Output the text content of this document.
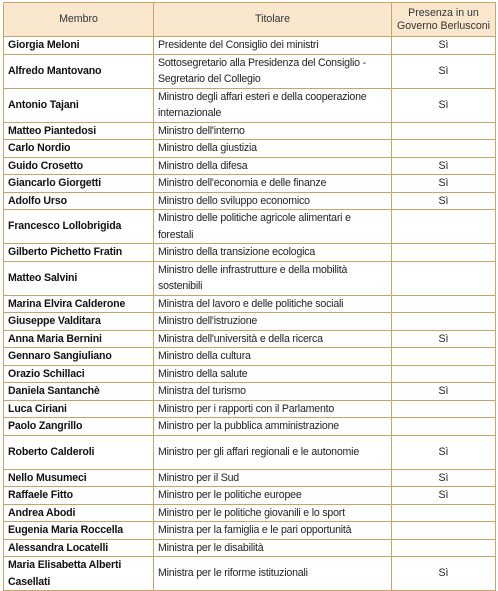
Membro	Titolare	Presenza in un
Governo Berlusconi
Giorgia Meloni	Presidente del Consiglio dei ministri	Sì
Alfredo Mantovano	Sottosegretario alla Presidenza del Consiglio -
Segretario del Collegio	Sì
Antonio Tajani	Ministro degli affari esteri e della cooperazione
internazionale	Sì
Matteo Piantedosi	Ministro dell'interno	
Carlo Nordio	Ministro della giustizia	
Guido Crosetto	Ministro della difesa	Sì
Giancarlo Giorgetti	Ministro dell'economia e delle finanze	Sì
Adolfo Urso	Ministro dello sviluppo economico	Sì
Francesco Lollobrigida	Ministro delle politiche agricole alimentari e
forestali	
Gilberto Pichetto Fratin	Ministro della transizione ecologica	
Matteo Salvini	Ministro delle infrastrutture e della mobilità
sostenibili	
Marina Elvira Calderone	Ministra del lavoro e delle politiche sociali	
Giuseppe Valditara	Ministro dell'istruzione	
Anna Maria Bernini	Ministra dell'università e della ricerca	Sì
Gennaro Sangiuliano	Ministro della cultura	
Orazio Schillaci	Ministro della salute	
Daniela Santanchè	Ministra del turismo	Sì
Luca Ciriani	Ministro per i rapporti con il Parlamento	
Paolo Zangrillo	Ministro per la pubblica amministrazione	
Roberto Calderoli	Ministro per gli affari regionali e le autonomie	Sì
Nello Musumeci	Ministro per il Sud	Sì
Raffaele Fitto	Ministro per le politiche europee	Sì
Andrea Abodi	Ministro per le politiche giovanili e lo sport	
Eugenia Maria Roccella	Ministra per la famiglia e le pari opportunità	
Alessandra Locatelli	Ministra per le disabilità	
Maria Elisabetta Alberti
Casellati	Ministra per le riforme istituzionali	Sì
